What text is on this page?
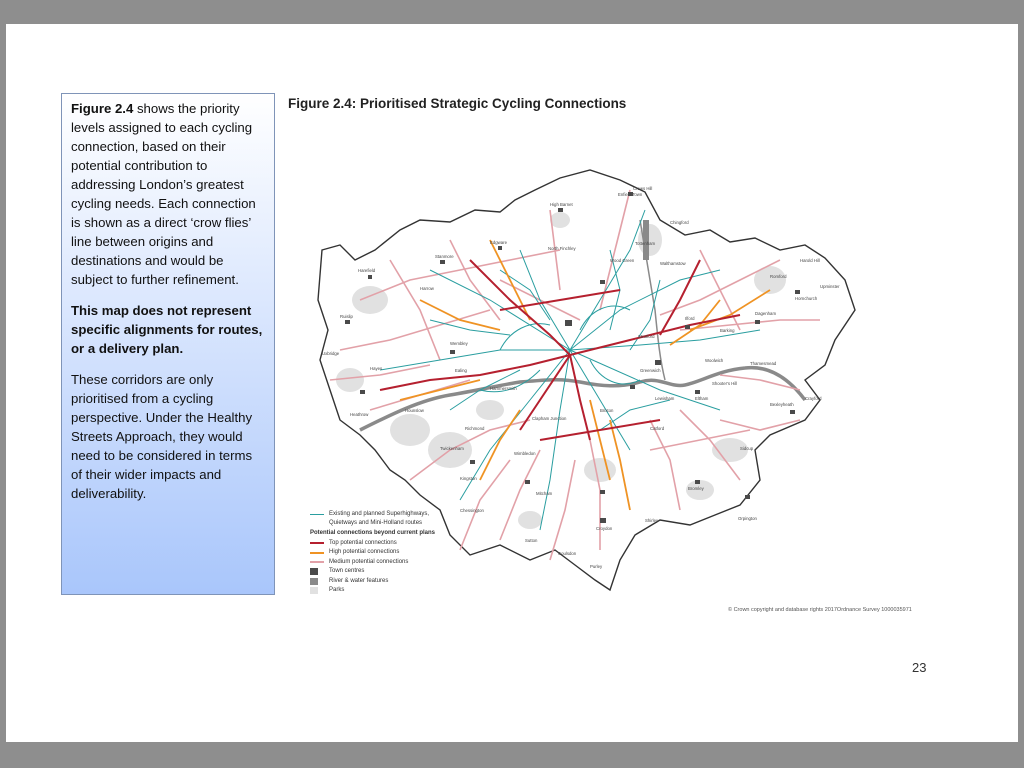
Figure 2.4 shows the priority levels assigned to each cycling connection, based on their potential contribution to addressing London’s greatest cycling needs. Each connection is shown as a direct ‘crow flies’ line between origins and destinations and would be subject to further refinement.

This map does not represent specific alignments for routes, or a delivery plan.

These corridors are only prioritised from a cycling perspective. Under the Healthy Streets Approach, they would need to be considered in terms of their wider impacts and deliverability.

Figure 2.4: Prioritised Strategic Cycling Connections
Crews Hill
Enfield Town
High Barnet
Chingford
Edgware
North Finchley
Wood Green
Tottenham
Walthamstow
Stanmore
Harefield
Harrow
Ruislip
Wembley
Uxbridge
Hayes	Ealing
Heathrow
Hounslow
Hammersmith
Twickenham
Richmond
Kingston
Clapham Junction
Wimbledon
Chessington
Mitcham
Sutton
Croydon
Purley
Coulsdon
Shirley
Bromley
Orpington
Brixton
Catford
Lewisham
Greenwich
Eltham
Woolwich
Shooter's Hill
Thamesmead
Bexleyheath
Crayford
Sidcup
Stratford
Ilford
Barking
Dagenham
Romford
Hornchurch
Harold Hill
Upminster
Existing and planned Superhighways, Quietways and Mini-Holland routes
Potential connections beyond current plans
Top potential connections
High potential connections
Medium potential connections
Town centres
River & water features
Parks
© Crown copyright and database rights 2017Ordnance Survey 1000035971
23
